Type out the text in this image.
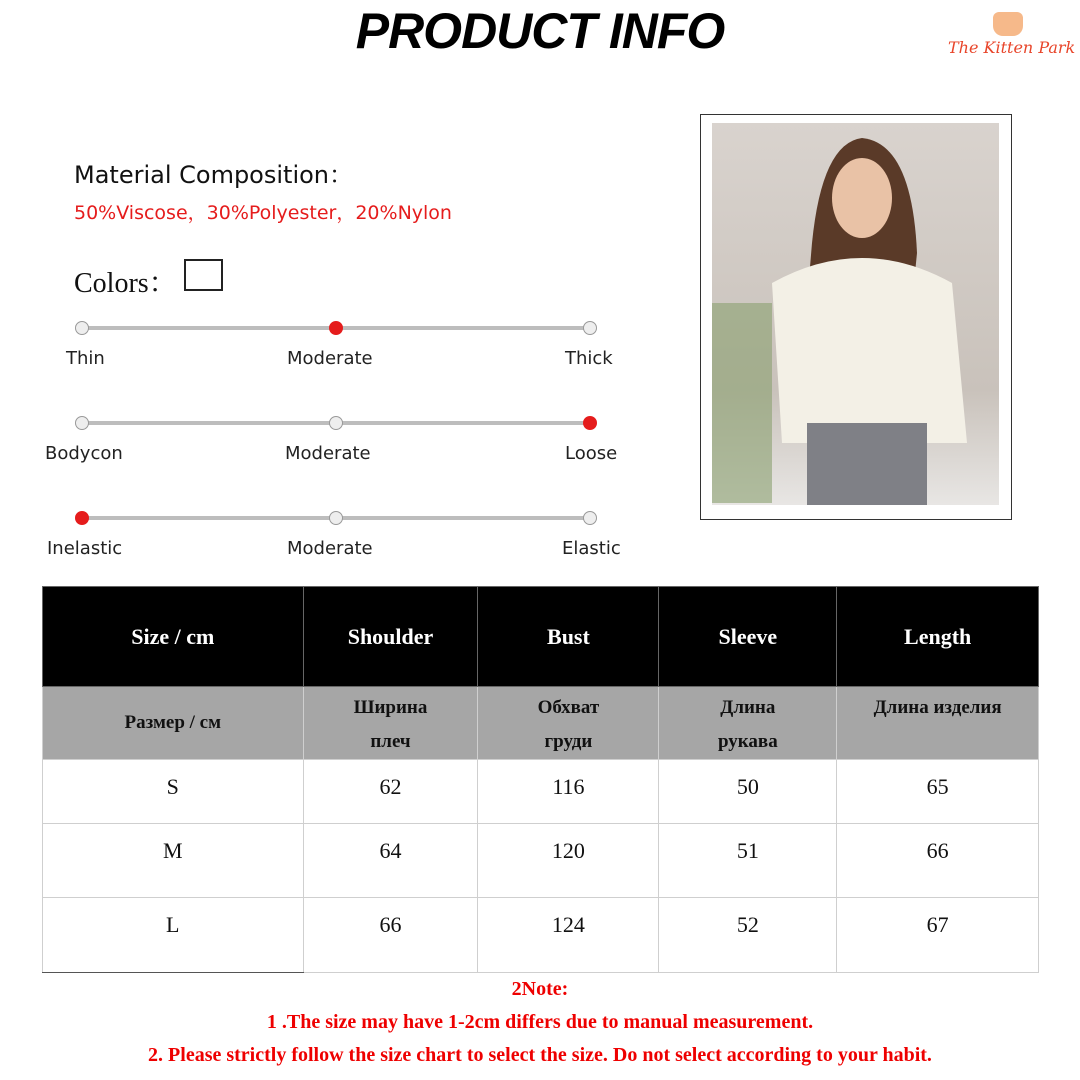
PRODUCT INFO	The Kitten Park
Material Composition：
50%Viscose，30%Polyester，20%Nylon
Colors：
Thin	Moderate	Thick
Bodycon	Moderate	Loose
Inelastic	Moderate	Elastic
Size / cm	Shoulder	Bust	Sleeve	Length
Размер / см	Ширина плеч	Обхват груди	Длина рукава	Длина изделия
S	62	116	50	65
M	64	120	51	66
L	66	124	52	67
2Note:
1 .The size may have 1-2cm differs due to manual measurement.
2. Please strictly follow the size chart to select the size. Do not select according to your habit.
